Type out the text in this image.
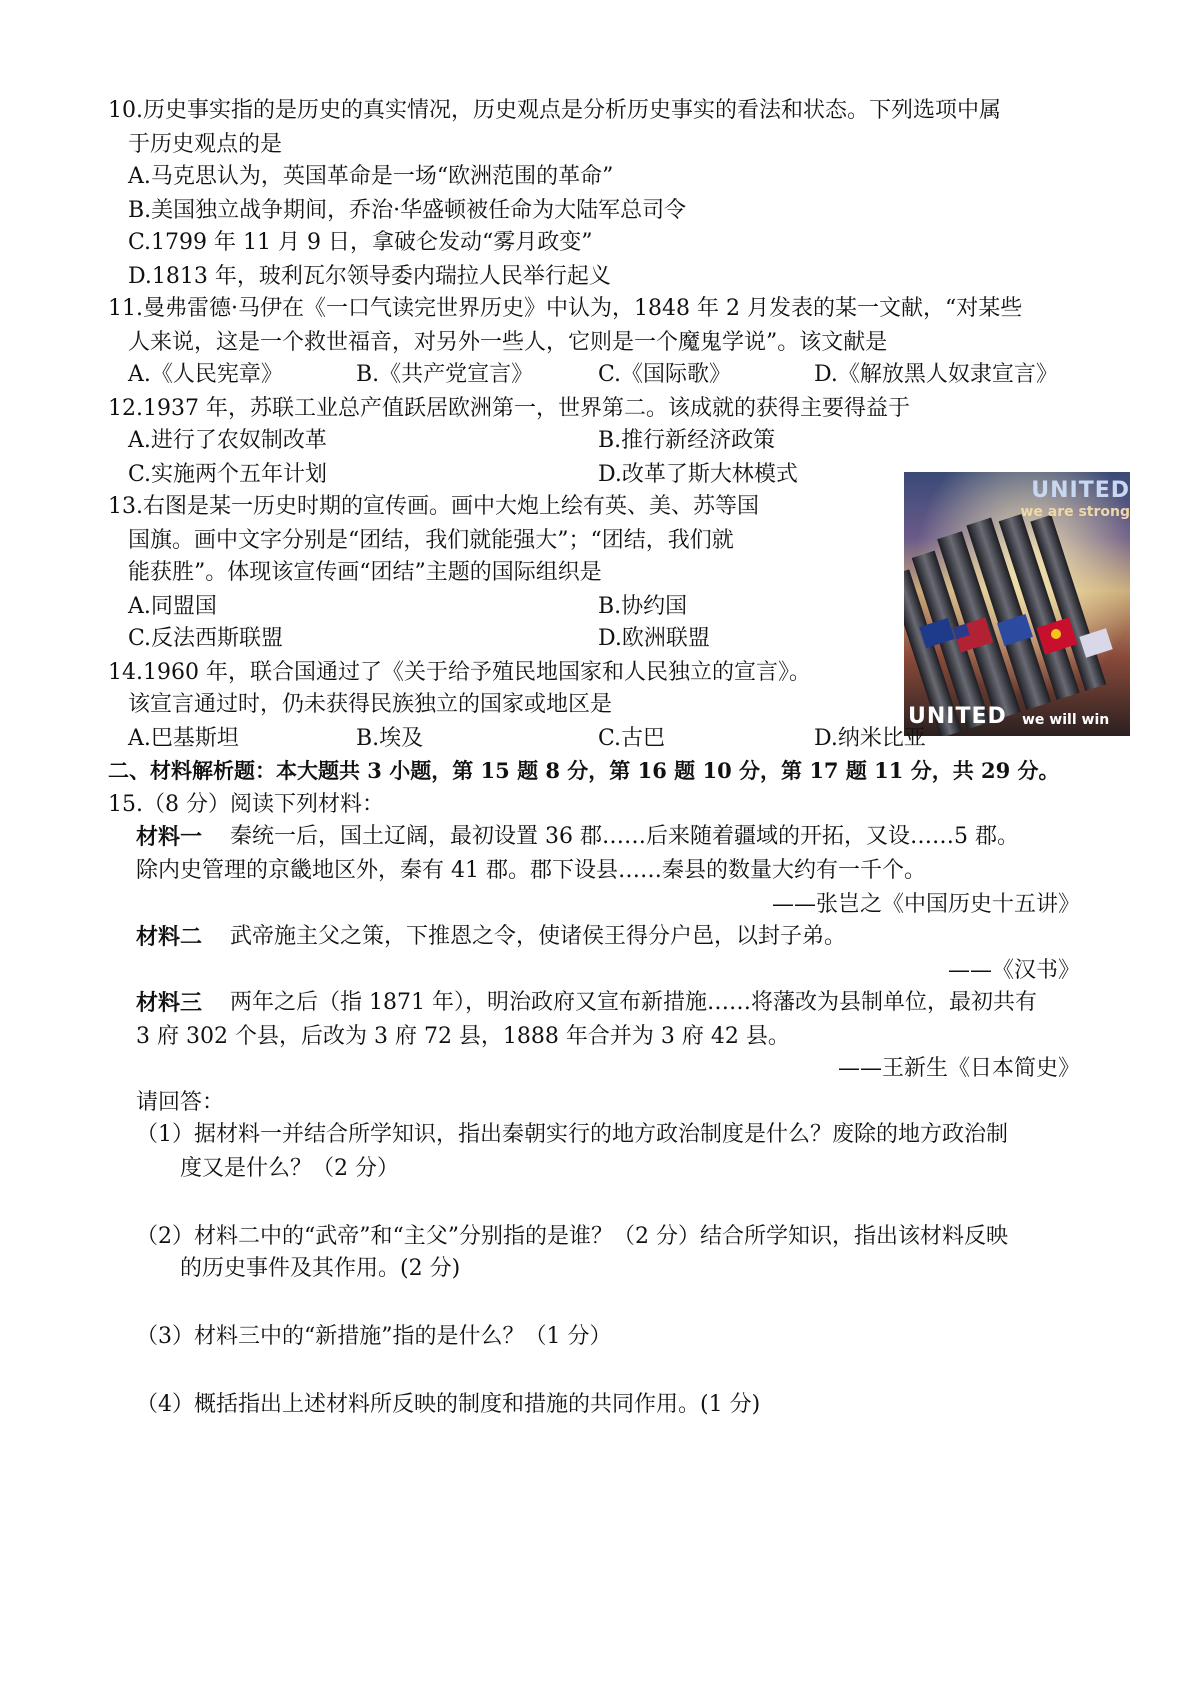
10.历史事实指的是历史的真实情况，历史观点是分析历史事实的看法和状态。下列选项中属
于历史观点的是
A.马克思认为，英国革命是一场“欧洲范围的革命”
B.美国独立战争期间，乔治·华盛顿被任命为大陆军总司令
C.1799 年 11 月 9 日，拿破仑发动“雾月政变”
D.1813 年，玻利瓦尔领导委内瑞拉人民举行起义
11.曼弗雷德·马伊在《一口气读完世界历史》中认为，1848 年 2 月发表的某一文献，“对某些
人来说，这是一个救世福音，对另外一些人，它则是一个魔鬼学说”。该文献是
A.《人民宪章》	B.《共产党宣言》	C.《国际歌》	D.《解放黑人奴隶宣言》
12.1937 年，苏联工业总产值跃居欧洲第一，世界第二。该成就的获得主要得益于
A.进行了农奴制改革	B.推行新经济政策
C.实施两个五年计划	D.改革了斯大林模式
13.右图是某一历史时期的宣传画。画中大炮上绘有英、美、苏等国
国旗。画中文字分别是“团结，我们就能强大”；“团结，我们就
能获胜”。体现该宣传画“团结”主题的国际组织是
A.同盟国	B.协约国
C.反法西斯联盟	D.欧洲联盟
UNITED
we are strong
UNITED we will win
14.1960 年，联合国通过了《关于给予殖民地国家和人民独立的宣言》。
该宣言通过时，仍未获得民族独立的国家或地区是
A.巴基斯坦	B.埃及	C.古巴	D.纳米比亚
二、材料解析题：本大题共 3 小题，第 15 题 8 分，第 16 题 10 分，第 17 题 11 分，共 29 分。
15.（8 分）阅读下列材料：
材料一 秦统一后，国土辽阔，最初设置 36 郡……后来随着疆域的开拓，又设……5 郡。
除内史管理的京畿地区外，秦有 41 郡。郡下设县……秦县的数量大约有一千个。
——张岂之《中国历史十五讲》
材料二 武帝施主父之策，下推恩之令，使诸侯王得分户邑，以封子弟。
——《汉书》
材料三 两年之后（指 1871 年），明治政府又宣布新措施……将藩改为县制单位，最初共有
3 府 302 个县，后改为 3 府 72 县，1888 年合并为 3 府 42 县。
——王新生《日本简史》
请回答：
（1）据材料一并结合所学知识，指出秦朝实行的地方政治制度是什么？废除的地方政治制
度又是什么？（2 分）
（2）材料二中的“武帝”和“主父”分别指的是谁？（2 分）结合所学知识，指出该材料反映
的历史事件及其作用。(2 分)
（3）材料三中的“新措施”指的是什么？（1 分）
（4）概括指出上述材料所反映的制度和措施的共同作用。(1 分)
